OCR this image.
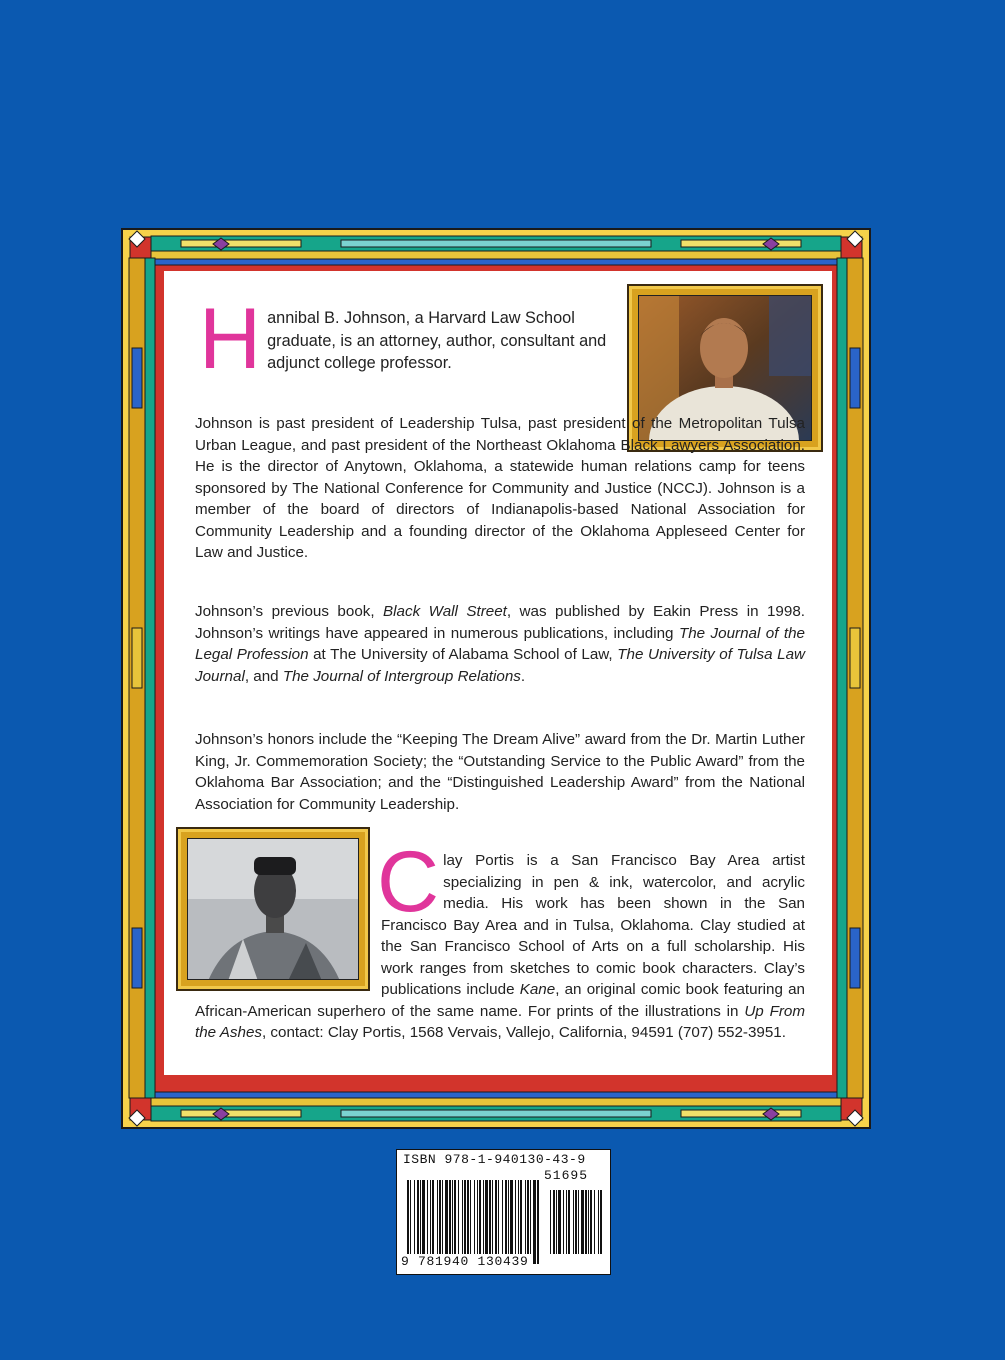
Hannibal B. Johnson, a Harvard Law School graduate, is an attorney, author, consultant and adjunct college professor.
Johnson is past president of Leadership Tulsa, past president of the Metropolitan Tulsa Urban League, and past president of the Northeast Oklahoma Black Lawyers Association. He is the director of Anytown, Oklahoma, a statewide human relations camp for teens sponsored by The National Conference for Community and Justice (NCCJ). Johnson is a member of the board of directors of Indianapolis-based National Association for Community Leadership and a founding director of the Oklahoma Appleseed Center for Law and Justice.
Johnson’s previous book, Black Wall Street, was published by Eakin Press in 1998. Johnson’s writings have appeared in numerous publications, including The Journal of the Legal Profession at The University of Alabama School of Law, The University of Tulsa Law Journal, and The Journal of Intergroup Relations.
Johnson’s honors include the “Keeping The Dream Alive” award from the Dr. Martin Luther King, Jr. Commemoration Society; the “Outstanding Service to the Public Award” from the Oklahoma Bar Association; and the “Distinguished Leadership Award” from the National Association for Community Leadership.
Clay Portis is a San Francisco Bay Area artist specializing in pen & ink, watercolor, and acrylic media. His work has been shown in the San Francisco Bay Area and in Tulsa, Oklahoma. Clay studied at the San Francisco School of Arts on a full scholarship. His work ranges from sketches to comic book characters. Clay’s publications include Kane, an original comic book featuring an African-American superhero of the same name. For prints of the illustrations in Up From the Ashes, contact: Clay Portis, 1568 Vervais, Vallejo, California, 94591 (707) 552-3951.
ISBN 978-1-940130-43-9
51695
9 781940 130439
